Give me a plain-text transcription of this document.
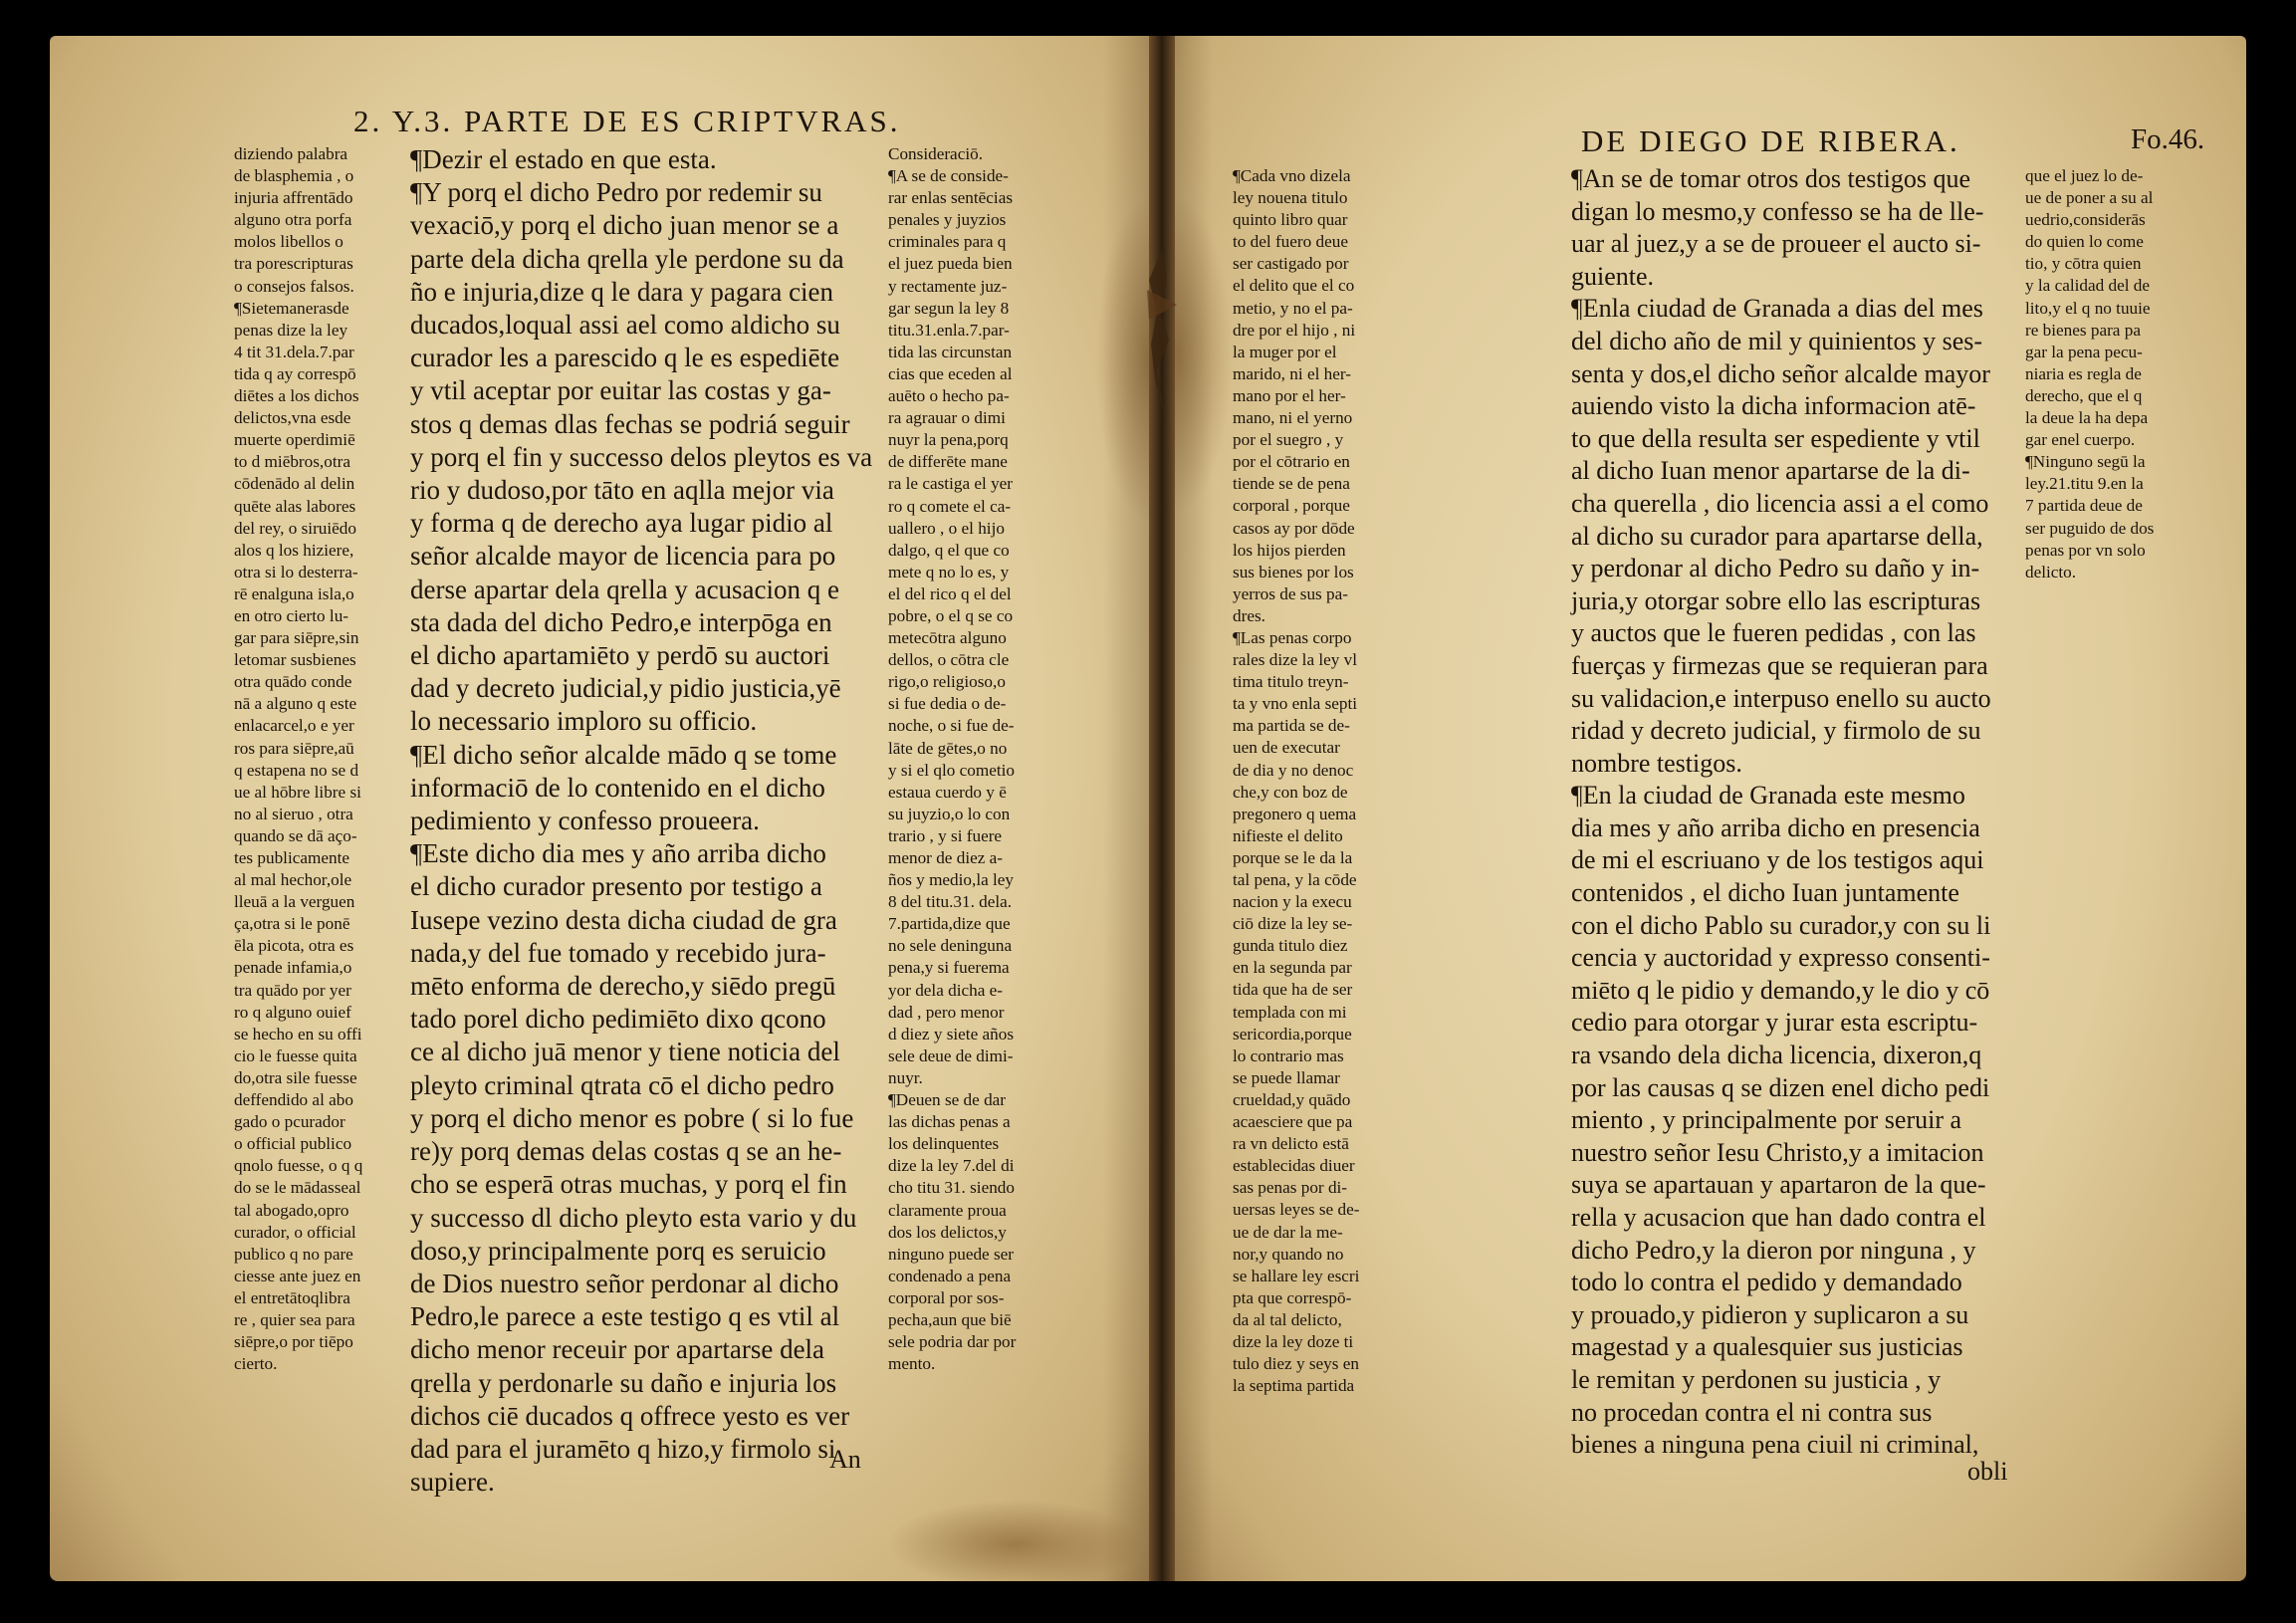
2. Y.3. PARTE DE ES CRIPTVRAS.

diziendo palabra
de blasphemia , o
injuria affrentādo
alguno otra porfa
molos libellos o
tra porescripturas
o consejos falsos.
¶Sietemanerasde
penas dize la ley
4 tit 31.dela.7.par
tida q ay correspō
diētes a los dichos
delictos,vna esde
muerte operdimiē
to d miēbros,otra
cōdenādo al delin
quēte alas labores
del rey, o siruiēdo
alos q los hiziere,
otra si lo desterra-
rē enalguna isla,o
en otro cierto lu-
gar para siēpre,sin
letomar susbienes
otra quādo conde
nā a alguno q este
enlacarcel,o e yer
ros para siēpre,aū
q estapena no se d
ue al hōbre libre si
no al sieruo , otra
quando se dā aço-
tes publicamente
al mal hechor,ole
lleuā a la verguen
ça,otra si le ponē
ēla picota, otra es
penade infamia,o
tra quādo por yer
ro q alguno ouief
se hecho en su offi
cio le fuesse quita
do,otra sile fuesse
deffendido al abo
gado o pcurador
o official publico
qnolo fuesse, o q q
do se le mādasseal
tal abogado,opro
curador, o official
publico q no pare
ciesse ante juez en
el entretātoqlibra
re , quier sea para
siēpre,o por tiēpo
cierto.

¶Dezir el estado en que esta.
¶Y porq el dicho Pedro por redemir su
vexaciō,y porq el dicho juan menor se a
parte dela dicha qrella yle perdone su da
ño e injuria,dize q le dara y pagara cien
ducados,loqual assi ael como aldicho su
curador les a parescido q le es espediēte
y vtil aceptar por euitar las costas y ga-
stos q demas dlas fechas se podriá seguir
y porq el fin y successo delos pleytos es va
rio y dudoso,por tāto en aqlla mejor via
y forma q de derecho aya lugar pidio al
señor alcalde mayor de licencia para po
derse apartar dela qrella y acusacion q e
sta dada del dicho Pedro,e interpōga en
el dicho apartamiēto y perdō su auctori
dad y decreto judicial,y pidio justicia,yē
lo necessario imploro su officio.
¶El dicho señor alcalde mādo q se tome
informaciō de lo contenido en el dicho
pedimiento y confesso proueera.
¶Este dicho dia mes y año arriba dicho
el dicho curador presento por testigo a
Iusepe vezino desta dicha ciudad de gra
nada,y del fue tomado y recebido jura-
mēto enforma de derecho,y siēdo pregū
tado porel dicho pedimiēto dixo qcono
ce al dicho juā menor y tiene noticia del
pleyto criminal qtrata cō el dicho pedro
y porq el dicho menor es pobre ( si lo fue
re)y porq demas delas costas q se an he-
cho se esperā otras muchas, y porq el fin
y successo dl dicho pleyto esta vario y du
doso,y principalmente porq es seruicio
de Dios nuestro señor perdonar al dicho
Pedro,le parece a este testigo q es vtil al
dicho menor receuir por apartarse dela
qrella y perdonarle su daño e injuria los
dichos ciē ducados q offrece yesto es ver
dad para el juramēto q hizo,y firmolo si
supiere.

An

Consideraciō.
¶A se de conside-
rar enlas sentēcias
penales y juyzios
criminales para q
el juez pueda bien
y rectamente juz-
gar segun la ley 8
titu.31.enla.7.par-
tida las circunstan
cias que eceden al
auēto o hecho pa-
ra agrauar o dimi
nuyr la pena,porq
de differēte mane
ra le castiga el yer
ro q comete el ca-
uallero , o el hijo
dalgo, q el que co
mete q no lo es, y
el del rico q el del
pobre, o el q se co
metecōtra alguno
dellos, o cōtra cle
rigo,o religioso,o
si fue dedia o de-
noche, o si fue de-
lāte de gētes,o no
y si el qlo cometio
estaua cuerdo y ē
su juyzio,o lo con
trario , y si fuere
menor de diez a-
ños y medio,la ley
8 del titu.31. dela.
7.partida,dize que
no sele deninguna
pena,y si fuerema
yor dela dicha e-
dad , pero menor
d diez y siete años
sele deue de dimi-
nuyr.
¶Deuen se de dar
las dichas penas a
los delinquentes
dize la ley 7.del di
cho titu 31. siendo
claramente proua
dos los delictos,y
ninguno puede ser
condenado a pena
corporal por sos-
pecha,aun que biē
sele podria dar por
mento.

DE DIEGO DE RIBERA.	Fo.46.

¶Cada vno dizela
ley nouena titulo
quinto libro quar
to del fuero deue
ser castigado por
el delito que el co
metio, y no el pa-
dre por el hijo , ni
la muger por el
marido, ni el her-
mano por el her-
mano, ni el yerno
por el suegro , y
por el cōtrario en
tiende se de pena
corporal , porque
casos ay por dōde
los hijos pierden
sus bienes por los
yerros de sus pa-
dres.
¶Las penas corpo
rales dize la ley vl
tima titulo treyn-
ta y vno enla septi
ma partida se de-
uen de executar
de dia y no denoc
che,y con boz de
pregonero q uema
nifieste el delito
porque se le da la
tal pena, y la cōde
nacion y la execu
ciō dize la ley se-
gunda titulo diez
en la segunda par
tida que ha de ser
templada con mi
sericordia,porque
lo contrario mas
se puede llamar
crueldad,y quādo
acaesciere que pa
ra vn delicto estā
establecidas diuer
sas penas por di-
uersas leyes se de-
ue de dar la me-
nor,y quando no
se hallare ley escri
pta que correspō-
da al tal delicto,
dize la ley doze ti
tulo diez y seys en
la septima partida

¶An se de tomar otros dos testigos que
digan lo mesmo,y confesso se ha de lle-
uar al juez,y a se de proueer el aucto si-
guiente.
¶Enla ciudad de Granada a dias del mes
del dicho año de mil y quinientos y ses-
senta y dos,el dicho señor alcalde mayor
auiendo visto la dicha informacion atē-
to que della resulta ser espediente y vtil
al dicho Iuan menor apartarse de la di-
cha querella , dio licencia assi a el como
al dicho su curador para apartarse della,
y perdonar al dicho Pedro su daño y in-
juria,y otorgar sobre ello las escripturas
y auctos que le fueren pedidas , con las
fuerças y firmezas que se requieran para
su validacion,e interpuso enello su aucto
ridad y decreto judicial, y firmolo de su
nombre testigos.
¶En la ciudad de Granada este mesmo
dia mes y año arriba dicho en presencia
de mi el escriuano y de los testigos aqui
contenidos , el dicho Iuan juntamente
con el dicho Pablo su curador,y con su li
cencia y auctoridad y expresso consenti-
miēto q le pidio y demando,y le dio y cō
cedio para otorgar y jurar esta escriptu-
ra vsando dela dicha licencia, dixeron,q
por las causas q se dizen enel dicho pedi
miento , y principalmente por seruir a
nuestro señor Iesu Christo,y a imitacion
suya se apartauan y apartaron de la que-
rella y acusacion que han dado contra el
dicho Pedro,y la dieron por ninguna , y
todo lo contra el pedido y demandado
y prouado,y pidieron y suplicaron a su
magestad y a qualesquier sus justicias
le remitan y perdonen su justicia , y
no procedan contra el ni contra sus
bienes a ninguna pena ciuil ni criminal,

obli

que el juez lo de-
ue de poner a su al
uedrio,considerās
do quien lo come
tio, y cōtra quien
y la calidad del de
lito,y el q no tuuie
re bienes para pa
gar la pena pecu-
niaria es regla de
derecho, que el q
la deue la ha depa
gar enel cuerpo.
¶Ninguno segū la
ley.21.titu 9.en la
7 partida deue de
ser puguido de dos
penas por vn solo
delicto.
